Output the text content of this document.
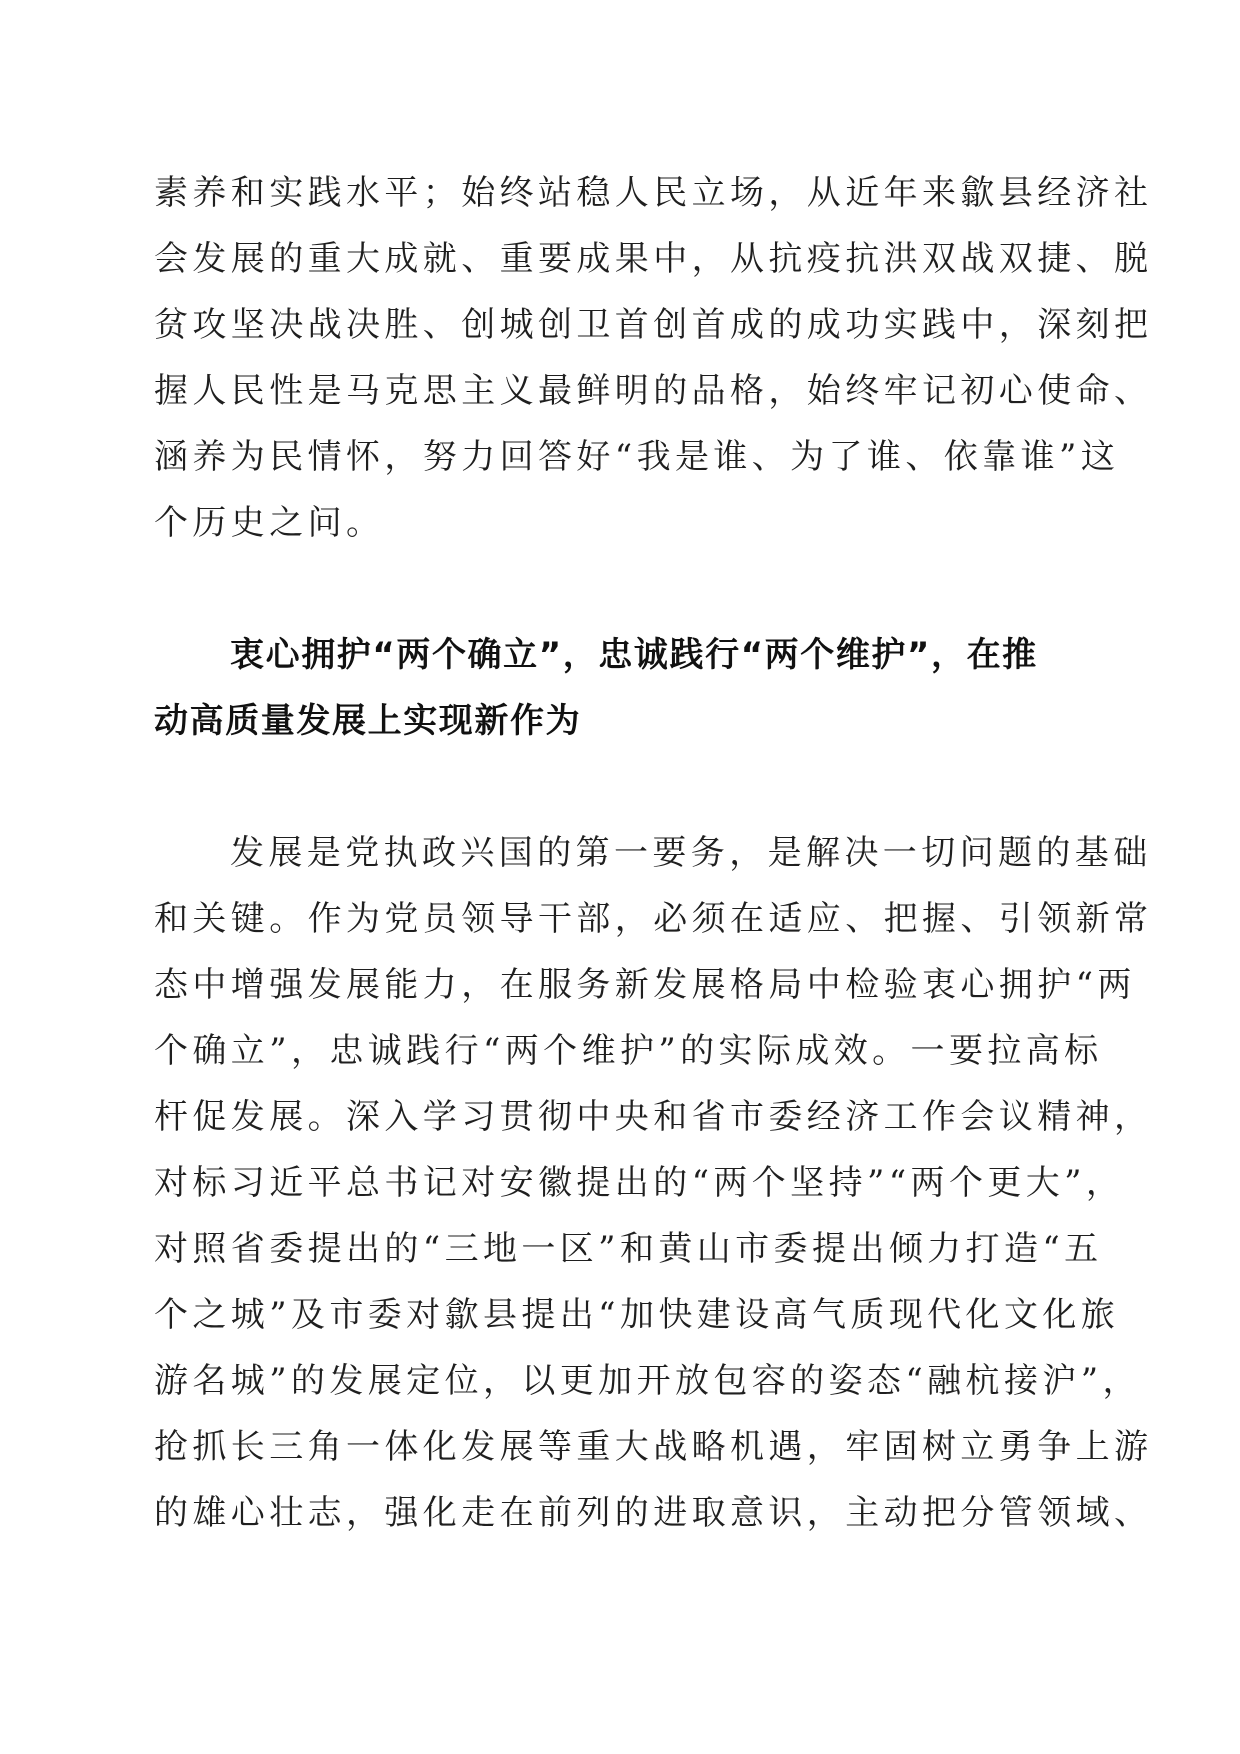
素养和实践水平；始终站稳人民立场，从近年来歙县经济社
会发展的重大成就、重要成果中，从抗疫抗洪双战双捷、脱
贫攻坚决战决胜、创城创卫首创首成的成功实践中，深刻把
握人民性是马克思主义最鲜明的品格，始终牢记初心使命、
涵养为民情怀，努力回答好“我是谁、为了谁、依靠谁”这
个历史之问。
衷心拥护“两个确立”，忠诚践行“两个维护”，在推
动高质量发展上实现新作为
发展是党执政兴国的第一要务，是解决一切问题的基础
和关键。作为党员领导干部，必须在适应、把握、引领新常
态中增强发展能力，在服务新发展格局中检验衷心拥护“两
个确立”，忠诚践行“两个维护”的实际成效。一要拉高标
杆促发展。深入学习贯彻中央和省市委经济工作会议精神，
对标习近平总书记对安徽提出的“两个坚持”“两个更大”，
对照省委提出的“三地一区”和黄山市委提出倾力打造“五
个之城”及市委对歙县提出“加快建设高气质现代化文化旅
游名城”的发展定位，以更加开放包容的姿态“融杭接沪”，
抢抓长三角一体化发展等重大战略机遇，牢固树立勇争上游
的雄心壮志，强化走在前列的进取意识，主动把分管领域、
